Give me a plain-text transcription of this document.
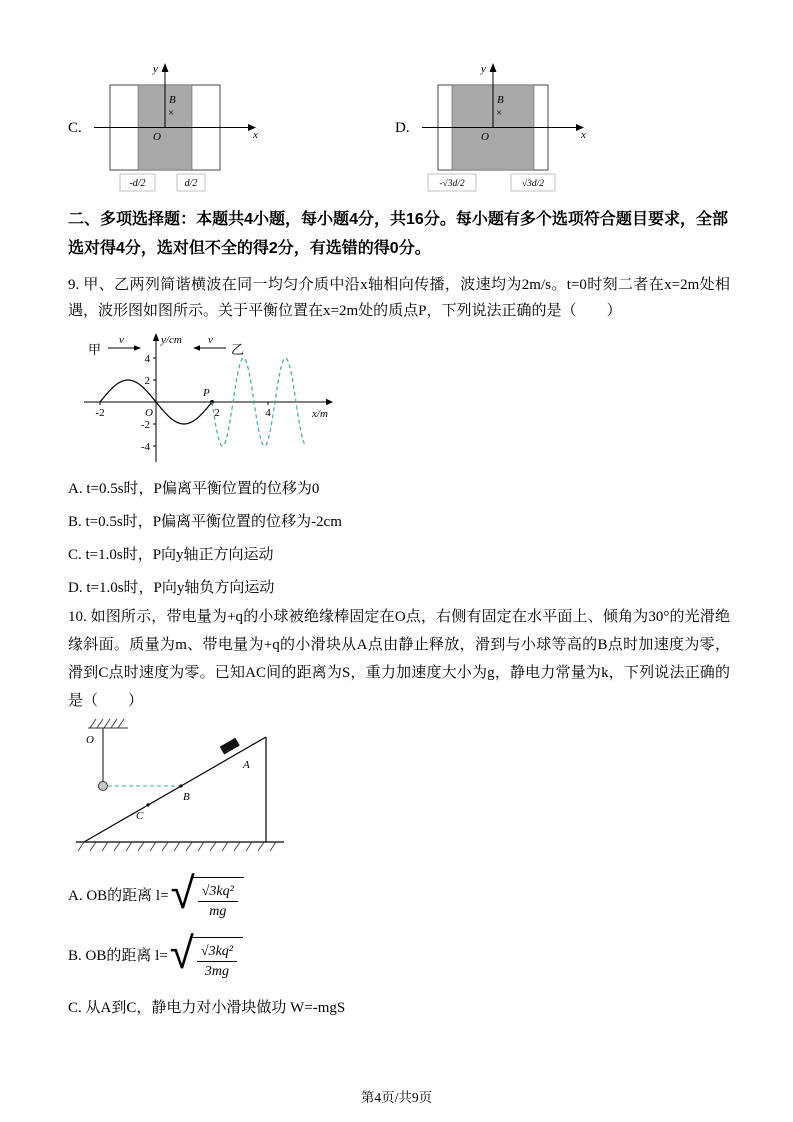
C.
y
x
O
B
×
-d/2	d/2
D.
y
x
O
B
×
-√3d/2	√3d/2
二、多项选择题：本题共4小题，每小题4分，共16分。每小题有多个选项符合题目要求，全部选对得4分，选对但不全的得2分，有选错的得0分。
9. 甲、乙两列简谐横波在同一均匀介质中沿x轴相向传播，波速均为2m/s。t=0时刻二者在x=2m处相遇，波形图如图所示。关于平衡位置在x=2m处的质点P，下列说法正确的是（　　）
y/cm
x/m
4
2
-2
-4
-2	O	2	4
甲
v	v
乙
P
A. t=0.5s时，P偏离平衡位置的位移为0
B. t=0.5s时，P偏离平衡位置的位移为-2cm
C. t=1.0s时，P向y轴正方向运动
D. t=1.0s时，P向y轴负方向运动
10. 如图所示，带电量为+q的小球被绝缘棒固定在O点，右侧有固定在水平面上、倾角为30°的光滑绝缘斜面。质量为m、带电量为+q的小滑块从A点由静止释放，滑到与小球等高的B点时加速度为零，滑到C点时速度为零。已知AC间的距离为S，重力加速度大小为g，静电力常量为k，下列说法正确的是（　　）
O
A
B
C
A. OB的距离 l= √ $\frac{\text{√3kq²}}{mg}$
B. OB的距离 l= √ $\frac{\text{√3kq²}}{3mg}$
C. 从A到C，静电力对小滑块做功 W=-mgS
第4页/共9页
